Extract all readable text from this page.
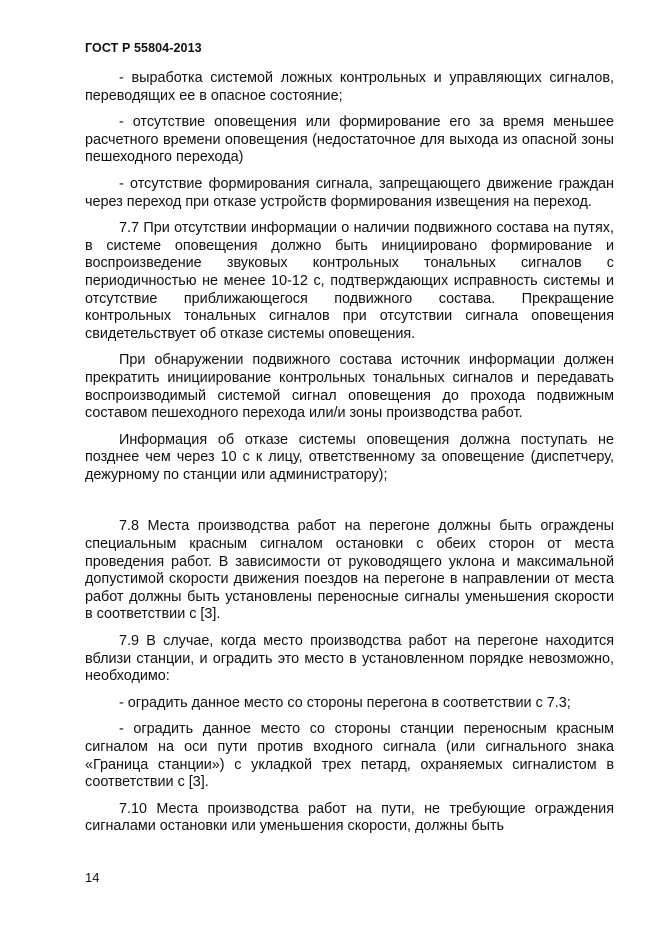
ГОСТ Р 55804-2013

- выработка системой ложных контрольных и управляющих сигналов, переводящих ее в опасное состояние;

- отсутствие оповещения или формирование его за время меньшее расчетного времени оповещения (недостаточное для выхода из опасной зоны пешеходного перехода)

- отсутствие формирования сигнала, запрещающего движение граждан через переход при отказе устройств формирования извещения на переход.

7.7 При отсутствии информации о наличии подвижного состава на путях, в системе оповещения должно быть инициировано формирование и воспроизведение звуковых контрольных тональных сигналов с периодичностью не менее 10-12 с, подтверждающих исправность системы и отсутствие приближающегося подвижного состава. Прекращение контрольных тональных сигналов при отсутствии сигнала оповещения свидетельствует об отказе системы оповещения.

При обнаружении подвижного состава источник информации должен прекратить инициирование контрольных тональных сигналов и передавать воспроизводимый системой сигнал оповещения до прохода подвижным составом пешеходного перехода или/и зоны производства работ.

Информация об отказе системы оповещения должна поступать не позднее чем через 10 с к лицу, ответственному за оповещение (диспетчеру, дежурному по станции или администратору);

7.8 Места производства работ на перегоне должны быть ограждены специальным красным сигналом остановки с обеих сторон от места проведения работ. В зависимости от руководящего уклона и максимальной допустимой скорости движения поездов на перегоне в направлении от места работ должны быть установлены переносные сигналы уменьшения скорости в соответствии с [3].

7.9 В случае, когда место производства работ на перегоне находится вблизи станции, и оградить это место в установленном порядке невозможно, необходимо:

- оградить данное место со стороны перегона в соответствии с 7.3;

- оградить данное место со стороны станции переносным красным сигналом на оси пути против входного сигнала (или сигнального знака «Граница станции») с укладкой трех петард, охраняемых сигналистом в соответствии с [3].

7.10 Места производства работ на пути, не требующие ограждения сигналами остановки или уменьшения скорости, должны быть

14
